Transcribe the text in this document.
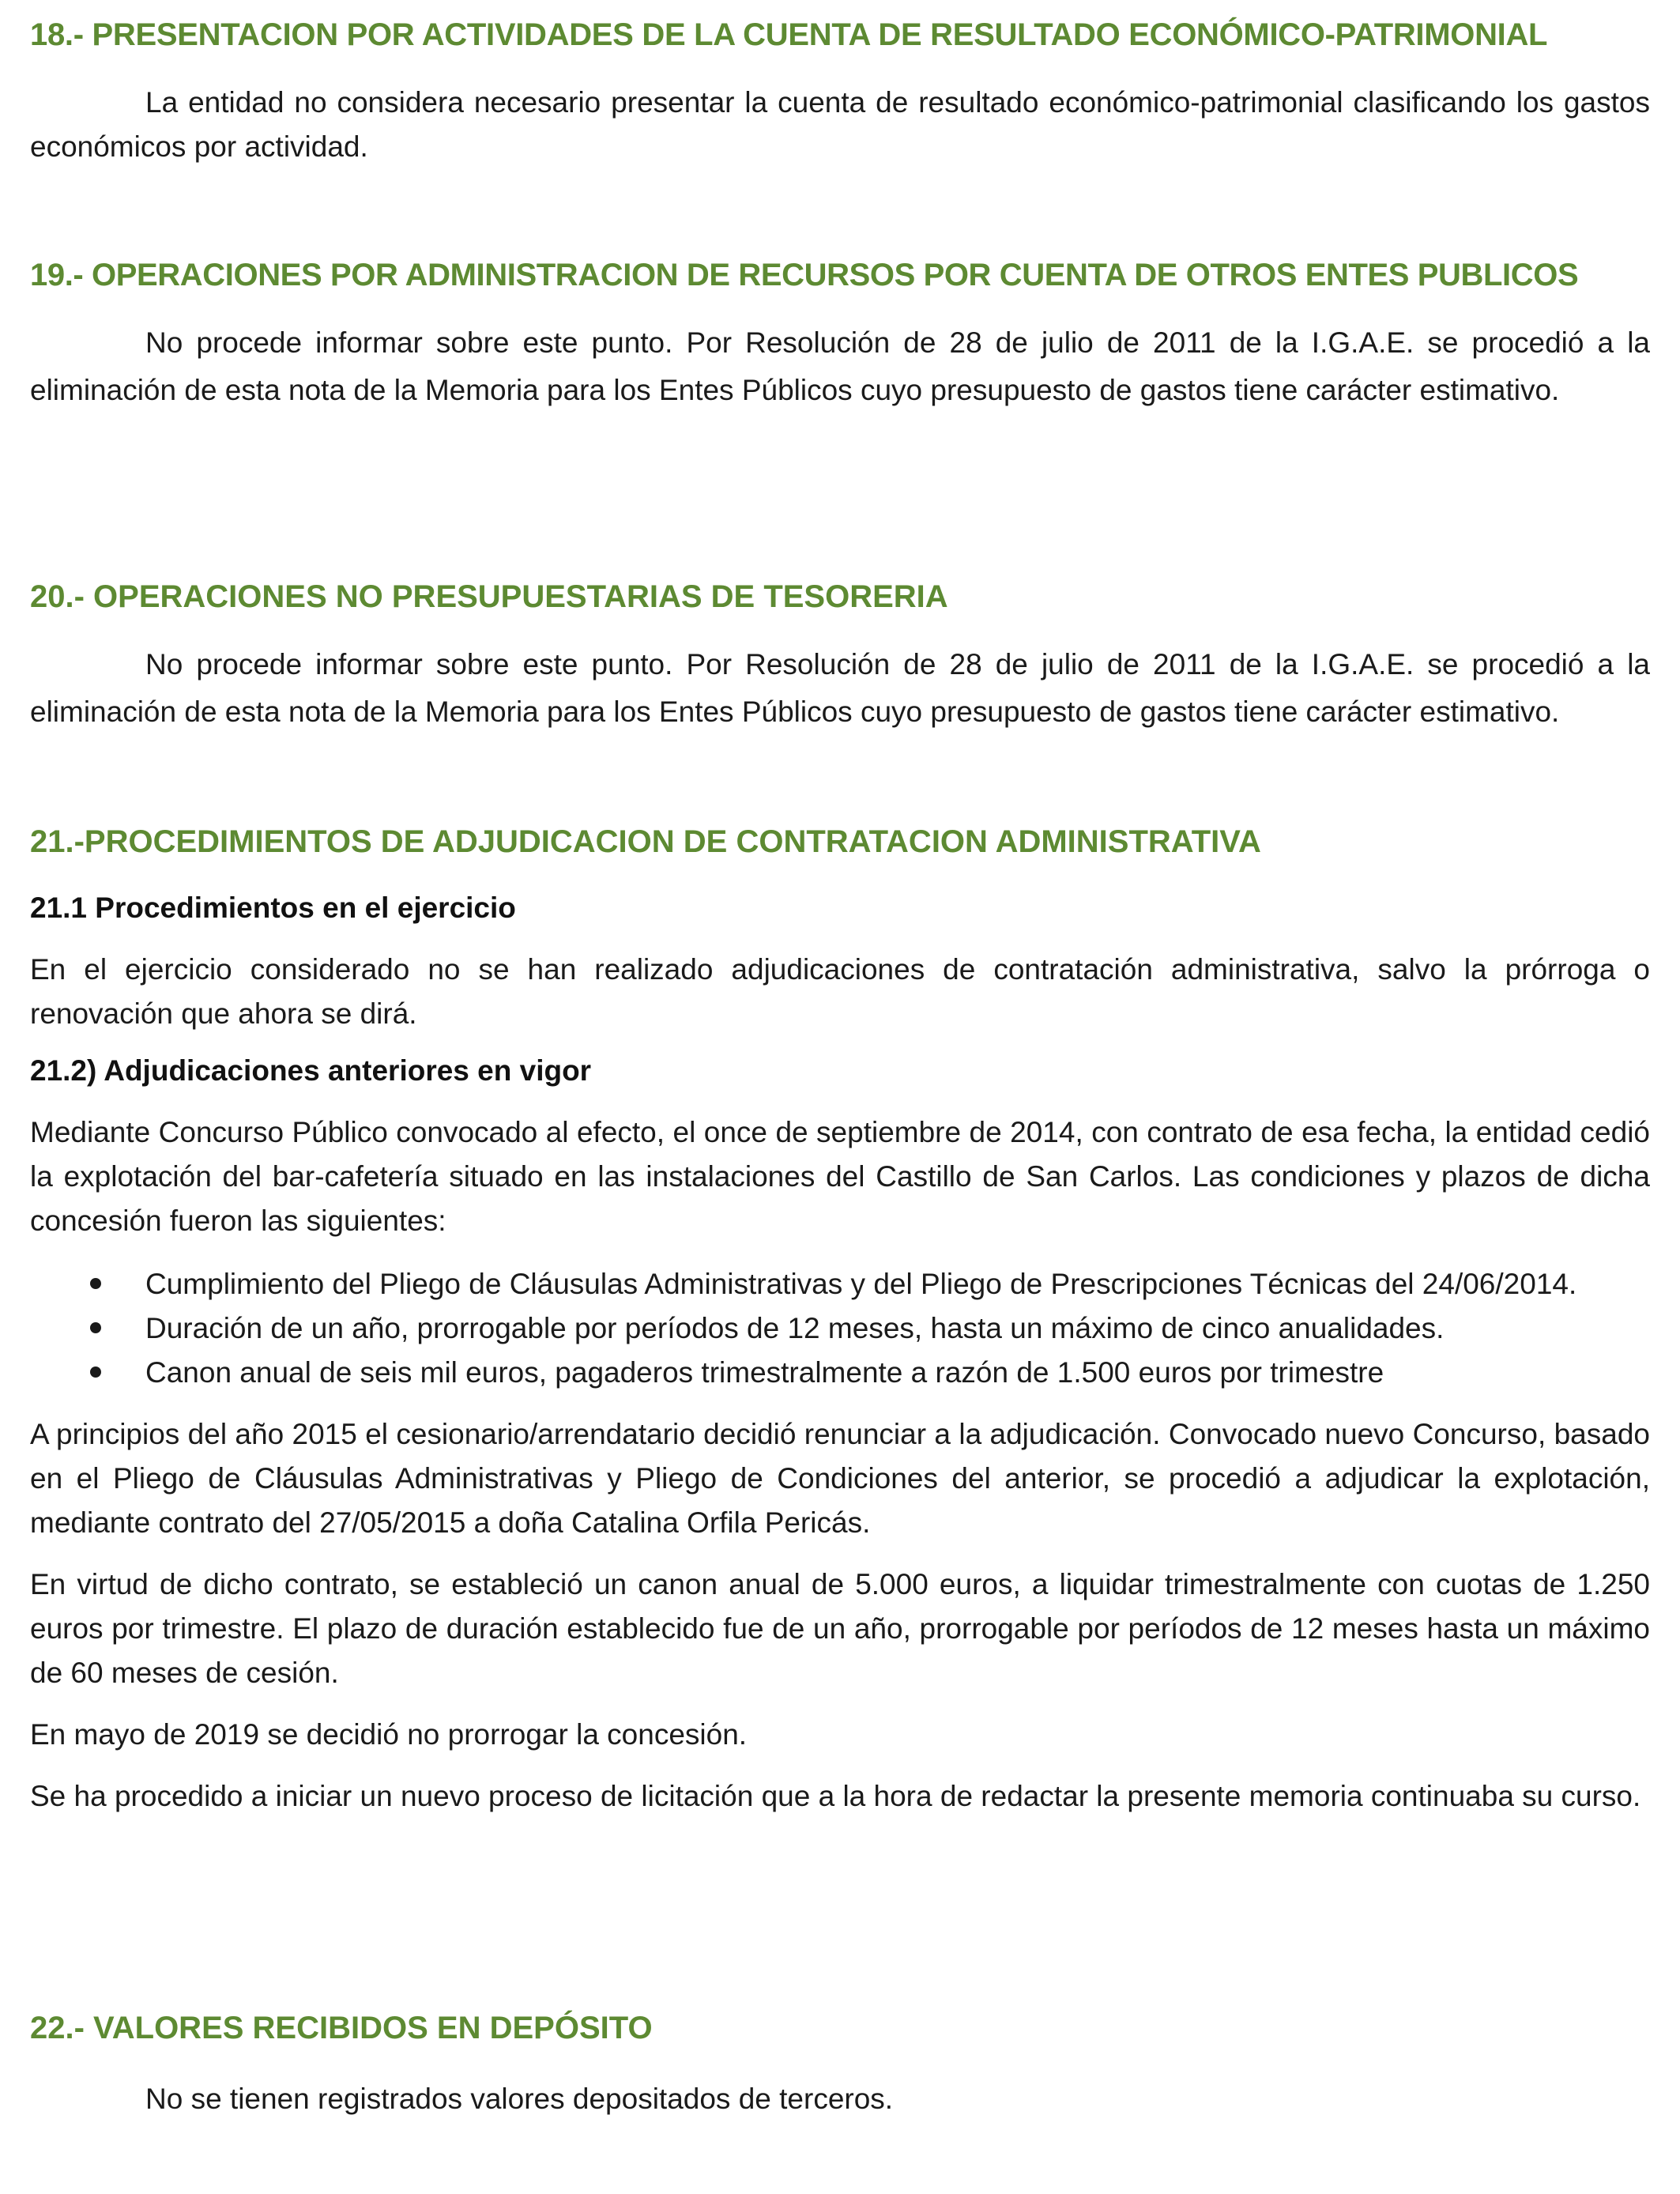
18.- PRESENTACION POR ACTIVIDADES DE LA CUENTA DE RESULTADO ECONÓMICO-PATRIMONIAL

La entidad no considera necesario presentar la cuenta de resultado económico-patrimonial clasificando los gastos económicos por actividad.

19.- OPERACIONES POR ADMINISTRACION DE RECURSOS POR CUENTA DE OTROS ENTES PUBLICOS

No procede informar sobre este punto. Por Resolución de 28 de julio de 2011 de la I.G.A.E. se procedió a la eliminación de esta nota de la Memoria para los Entes Públicos cuyo presupuesto de gastos tiene carácter estimativo.

20.- OPERACIONES NO PRESUPUESTARIAS DE TESORERIA

No procede informar sobre este punto. Por Resolución de 28 de julio de 2011 de la I.G.A.E. se procedió a la eliminación de esta nota de la Memoria para los Entes Públicos cuyo presupuesto de gastos tiene carácter estimativo.

21.-PROCEDIMIENTOS DE ADJUDICACION DE CONTRATACION ADMINISTRATIVA
21.1 Procedimientos en el ejercicio

En el ejercicio considerado no se han realizado adjudicaciones de contratación administrativa, salvo la prórroga o renovación que ahora se dirá.

21.2) Adjudicaciones anteriores en vigor

Mediante Concurso Público convocado al efecto, el once de septiembre de 2014, con contrato de esa fecha, la entidad cedió la explotación del bar-cafetería situado en las instalaciones del Castillo de San Carlos. Las condiciones y plazos de dicha concesión fueron las siguientes:

Cumplimiento del Pliego de Cláusulas Administrativas y del Pliego de Prescripciones Técnicas del 24/06/2014.
Duración de un año, prorrogable por períodos de 12 meses, hasta un máximo de cinco anualidades.
Canon anual de seis mil euros, pagaderos trimestralmente a razón de 1.500 euros por trimestre

A principios del año 2015 el cesionario/arrendatario decidió renunciar a la adjudicación. Convocado nuevo Concurso, basado en el Pliego de Cláusulas Administrativas y Pliego de Condiciones del anterior, se procedió a adjudicar la explotación, mediante contrato del 27/05/2015 a doña Catalina Orfila Pericás.

En virtud de dicho contrato, se estableció un canon anual de 5.000 euros, a liquidar trimestralmente con cuotas de 1.250 euros por trimestre. El plazo de duración establecido fue de un año, prorrogable por períodos de 12 meses hasta un máximo de 60 meses de cesión.

En mayo de 2019 se decidió no prorrogar la concesión.

Se ha procedido a iniciar un nuevo proceso de licitación que a la hora de redactar la presente memoria continuaba su curso.

22.- VALORES RECIBIDOS EN DEPÓSITO

No se tienen registrados valores depositados de terceros.
